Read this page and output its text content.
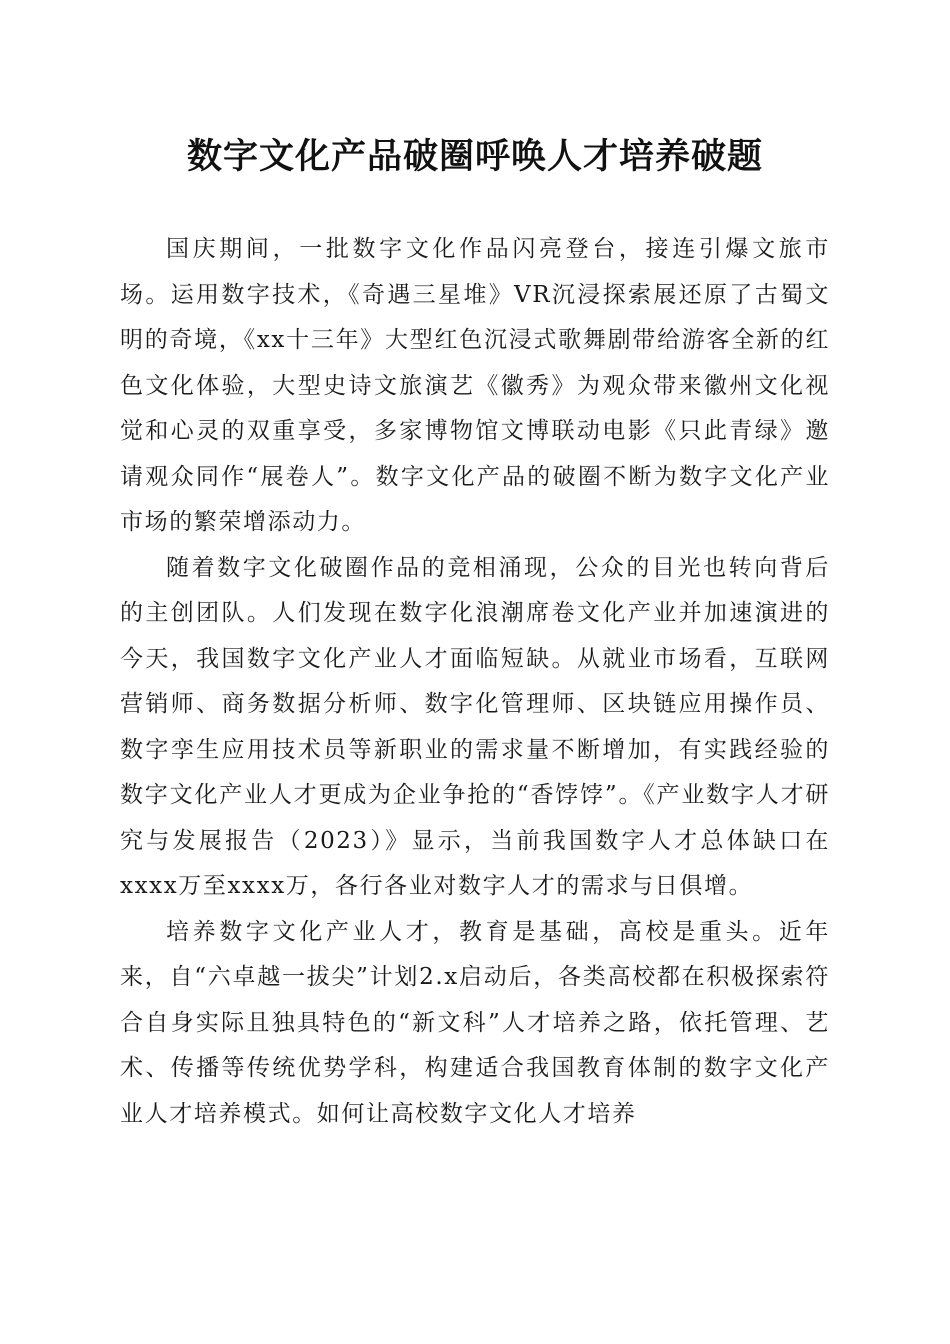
数字文化产品破圈呼唤人才培养破题

国庆期间，一批数字文化作品闪亮登台，接连引爆文旅市场。运用数字技术，《奇遇三星堆》VR沉浸探索展还原了古蜀文明的奇境，《xx十三年》大型红色沉浸式歌舞剧带给游客全新的红色文化体验，大型史诗文旅演艺《徽秀》为观众带来徽州文化视觉和心灵的双重享受，多家博物馆文博联动电影《只此青绿》邀请观众同作“展卷人”。数字文化产品的破圈不断为数字文化产业市场的繁荣增添动力。

随着数字文化破圈作品的竞相涌现，公众的目光也转向背后的主创团队。人们发现在数字化浪潮席卷文化产业并加速演进的今天，我国数字文化产业人才面临短缺。从就业市场看，互联网营销师、商务数据分析师、数字化管理师、区块链应用操作员、数字孪生应用技术员等新职业的需求量不断增加，有实践经验的数字文化产业人才更成为企业争抢的“香饽饽”。《产业数字人才研究与发展报告（2023）》显示，当前我国数字人才总体缺口在xxxx万至xxxx万，各行各业对数字人才的需求与日俱增。

培养数字文化产业人才，教育是基础，高校是重头。近年来，自“六卓越一拔尖”计划2.x启动后，各类高校都在积极探索符合自身实际且独具特色的“新文科”人才培养之路，依托管理、艺术、传播等传统优势学科，构建适合我国教育体制的数字文化产业人才培养模式。如何让高校数字文化人才培养
